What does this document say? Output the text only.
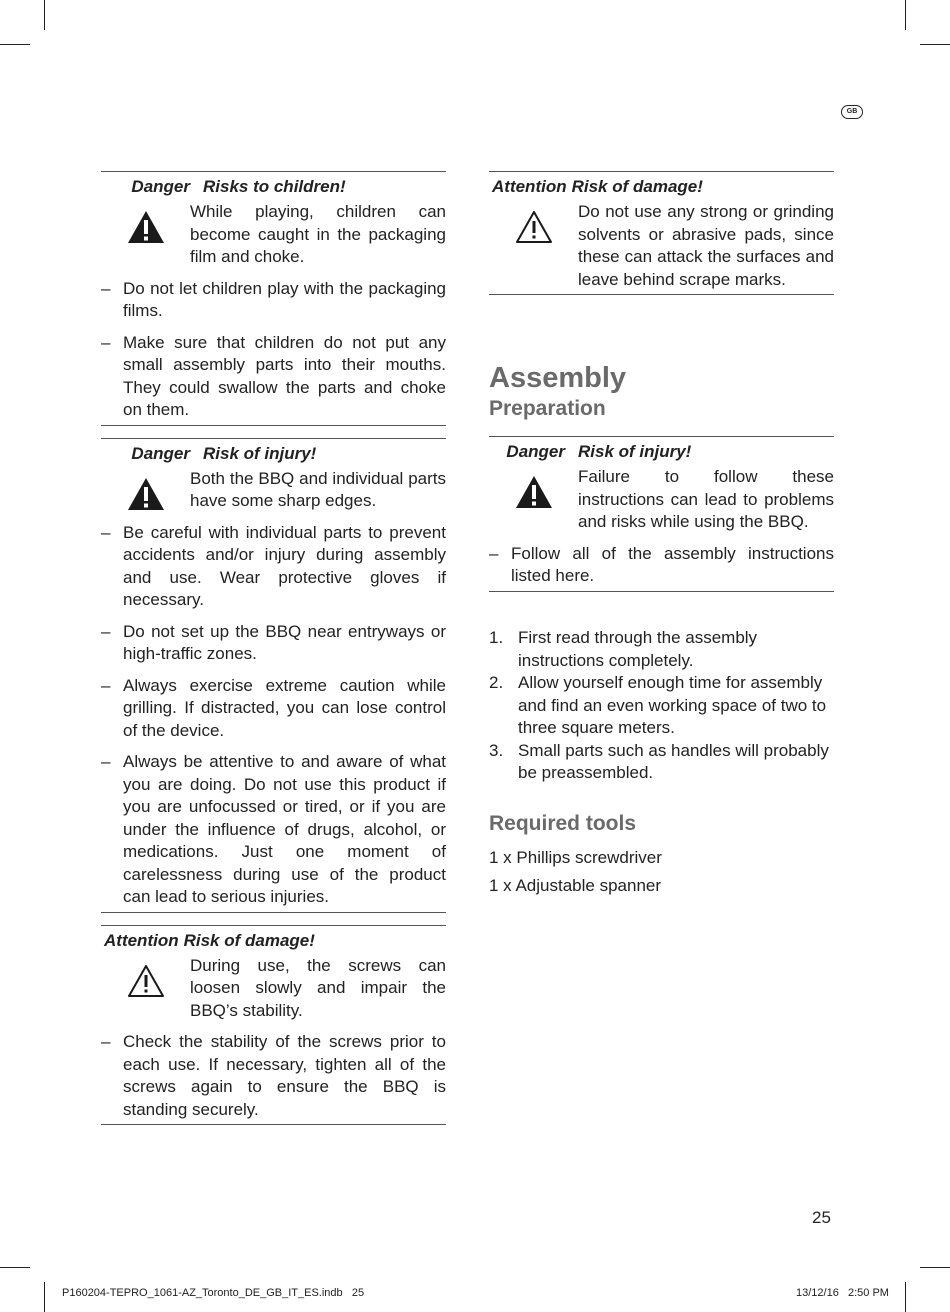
GB
Danger Risks to children!
While playing, children can become caught in the packaging film and choke.
– Do not let children play with the packaging films.
– Make sure that children do not put any small assembly parts into their mouths. They could swallow the parts and choke on them.
Danger Risk of injury!
Both the BBQ and individual parts have some sharp edges.
– Be careful with individual parts to prevent accidents and/or injury during assembly and use. Wear protective gloves if necessary.
– Do not set up the BBQ near entryways or high-traffic zones.
– Always exercise extreme caution while grilling. If distracted, you can lose control of the device.
– Always be attentive to and aware of what you are doing. Do not use this product if you are unfocussed or tired, or if you are under the influence of drugs, alcohol, or medications. Just one moment of carelessness during use of the product can lead to serious injuries.
Attention Risk of damage!
During use, the screws can loosen slowly and impair the BBQ’s stability.
– Check the stability of the screws prior to each use. If necessary, tighten all of the screws again to ensure the BBQ is standing securely.
Attention Risk of damage!
Do not use any strong or grinding solvents or abrasive pads, since these can attack the surfaces and leave behind scrape marks.
Assembly
Preparation
Danger Risk of injury!
Failure to follow these instructions can lead to problems and risks while using the BBQ.
– Follow all of the assembly instructions listed here.
1. First read through the assembly instructions completely.
2. Allow yourself enough time for assembly and find an even working space of two to three square meters.
3. Small parts such as handles will probably be preassembled.
Required tools
1 x Phillips screwdriver
1 x Adjustable spanner
25
P160204-TEPRO_1061-AZ_Toronto_DE_GB_IT_ES.indb   25	13/12/16   2:50 PM
